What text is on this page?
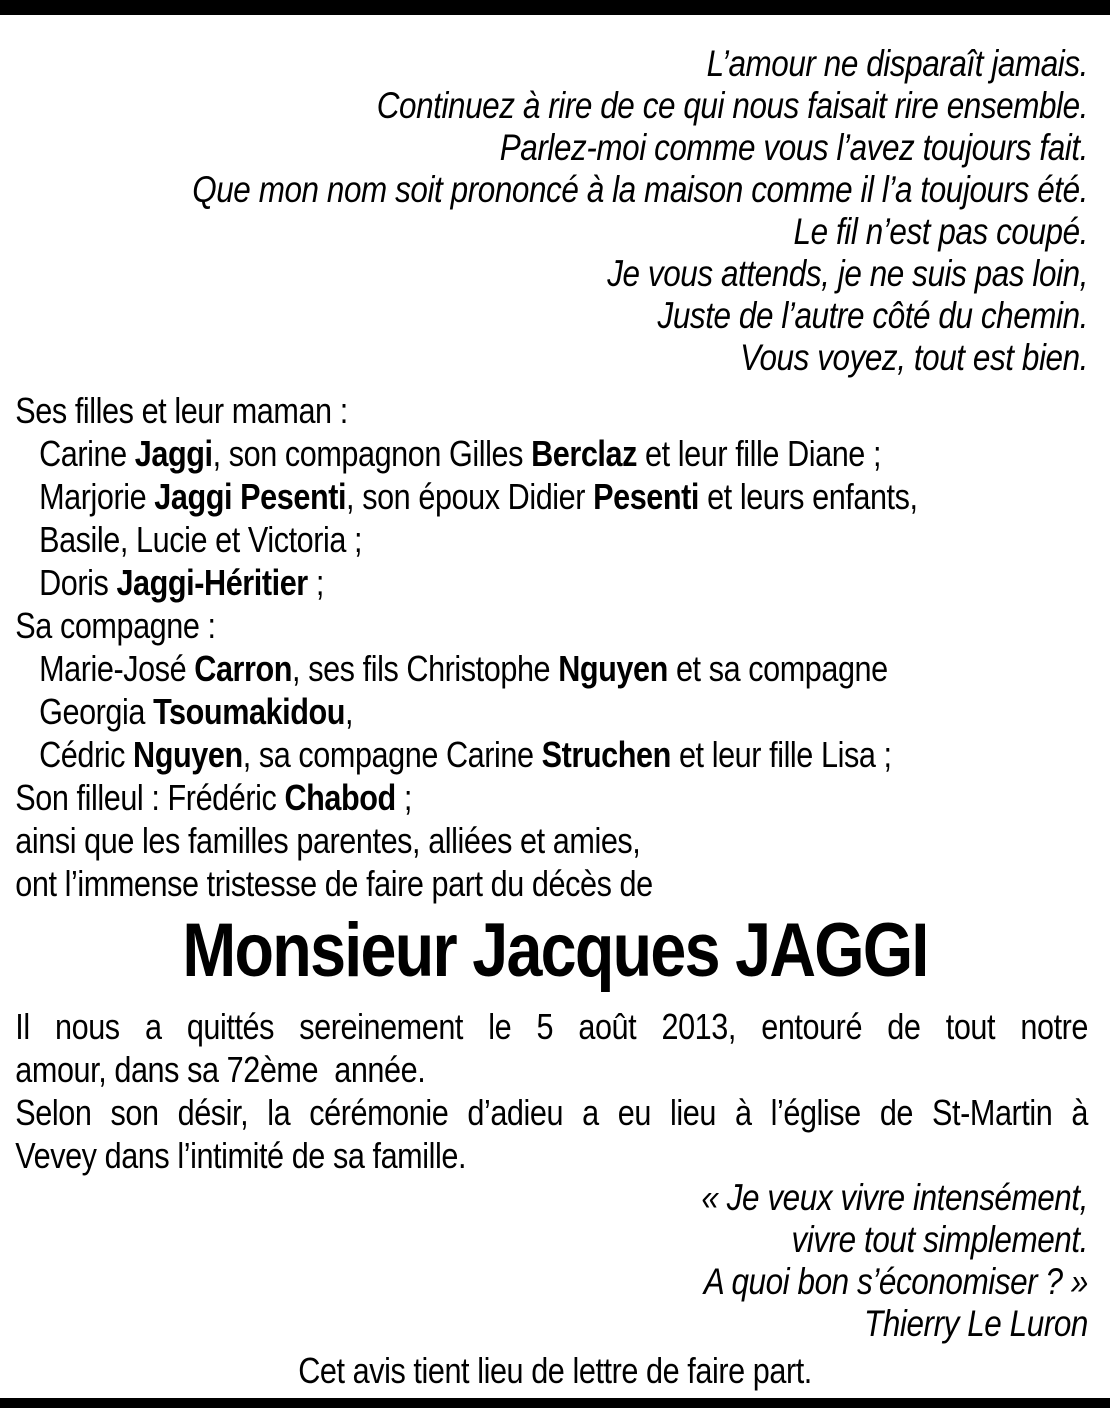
L’amour ne disparaît jamais.
Continuez à rire de ce qui nous faisait rire ensemble.
Parlez-moi comme vous l’avez toujours fait.
Que mon nom soit prononcé à la maison comme il l’a toujours été.
Le fil n’est pas coupé.
Je vous attends, je ne suis pas loin,
Juste de l’autre côté du chemin.
Vous voyez, tout est bien.
Ses filles et leur maman :
Carine Jaggi, son compagnon Gilles Berclaz et leur fille Diane ;
Marjorie Jaggi Pesenti, son époux Didier Pesenti et leurs enfants,
Basile, Lucie et Victoria ;
Doris Jaggi-Héritier ;
Sa compagne :
Marie-José Carron, ses fils Christophe Nguyen et sa compagne
Georgia Tsoumakidou,
Cédric Nguyen, sa compagne Carine Struchen et leur fille Lisa ;
Son filleul : Frédéric Chabod ;
ainsi que les familles parentes, alliées et amies,
ont l’immense tristesse de faire part du décès de
Monsieur Jacques JAGGI
Il nous a quittés sereinement le 5 août 2013, entouré de tout notre
amour, dans sa 72ème  année.
Selon son désir, la cérémonie d’adieu a eu lieu à l’église de St-Martin à
Vevey dans l’intimité de sa famille.
« Je veux vivre intensément,
vivre tout simplement.
A quoi bon s’économiser ? »
Thierry Le Luron
Cet avis tient lieu de lettre de faire part.
